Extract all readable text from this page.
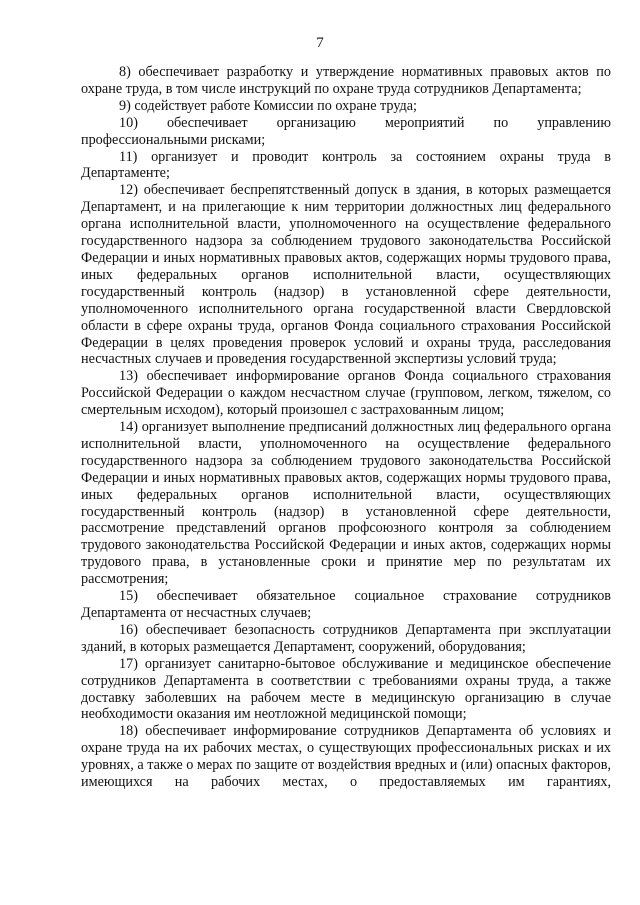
7

8) обеспечивает разработку и утверждение нормативных правовых актов по охране труда, в том числе инструкций по охране труда сотрудников Департамента;

9) содействует работе Комиссии по охране труда;

10) обеспечивает организацию мероприятий по управлению профессиональными рисками;

11) организует и проводит контроль за состоянием охраны труда в Департаменте;

12) обеспечивает беспрепятственный допуск в здания, в которых размещается Департамент, и на прилегающие к ним территории должностных лиц федерального органа исполнительной власти, уполномоченного на осуществление федерального государственного надзора за соблюдением трудового законодательства Российской Федерации и иных нормативных правовых актов, содержащих нормы трудового права, иных федеральных органов исполнительной власти, осуществляющих государственный контроль (надзор) в установленной сфере деятельности, уполномоченного исполнительного органа государственной власти Свердловской области в сфере охраны труда, органов Фонда социального страхования Российской Федерации в целях проведения проверок условий и охраны труда, расследования несчастных случаев и проведения государственной экспертизы условий труда;

13) обеспечивает информирование органов Фонда социального страхования Российской Федерации о каждом несчастном случае (групповом, легком, тяжелом, со смертельным исходом), который произошел с застрахованным лицом;

14) организует выполнение предписаний должностных лиц федерального органа исполнительной власти, уполномоченного на осуществление федерального государственного надзора за соблюдением трудового законодательства Российской Федерации и иных нормативных правовых актов, содержащих нормы трудового права, иных федеральных органов исполнительной власти, осуществляющих государственный контроль (надзор) в установленной сфере деятельности, рассмотрение представлений органов профсоюзного контроля за соблюдением трудового законодательства Российской Федерации и иных актов, содержащих нормы трудового права, в установленные сроки и принятие мер по результатам их рассмотрения;

15) обеспечивает обязательное социальное страхование сотрудников Департамента от несчастных случаев;

16) обеспечивает безопасность сотрудников Департамента при эксплуатации зданий, в которых размещается Департамент, сооружений, оборудования;

17) организует санитарно-бытовое обслуживание и медицинское обеспечение сотрудников Департамента в соответствии с требованиями охраны труда, а также доставку заболевших на рабочем месте в медицинскую организацию в случае необходимости оказания им неотложной медицинской помощи;

18) обеспечивает информирование сотрудников Департамента об условиях и охране труда на их рабочих местах, о существующих профессиональных рисках и их уровнях, а также о мерах по защите от воздействия вредных и (или) опасных факторов, имеющихся на рабочих местах, о предоставляемых им гарантиях,
